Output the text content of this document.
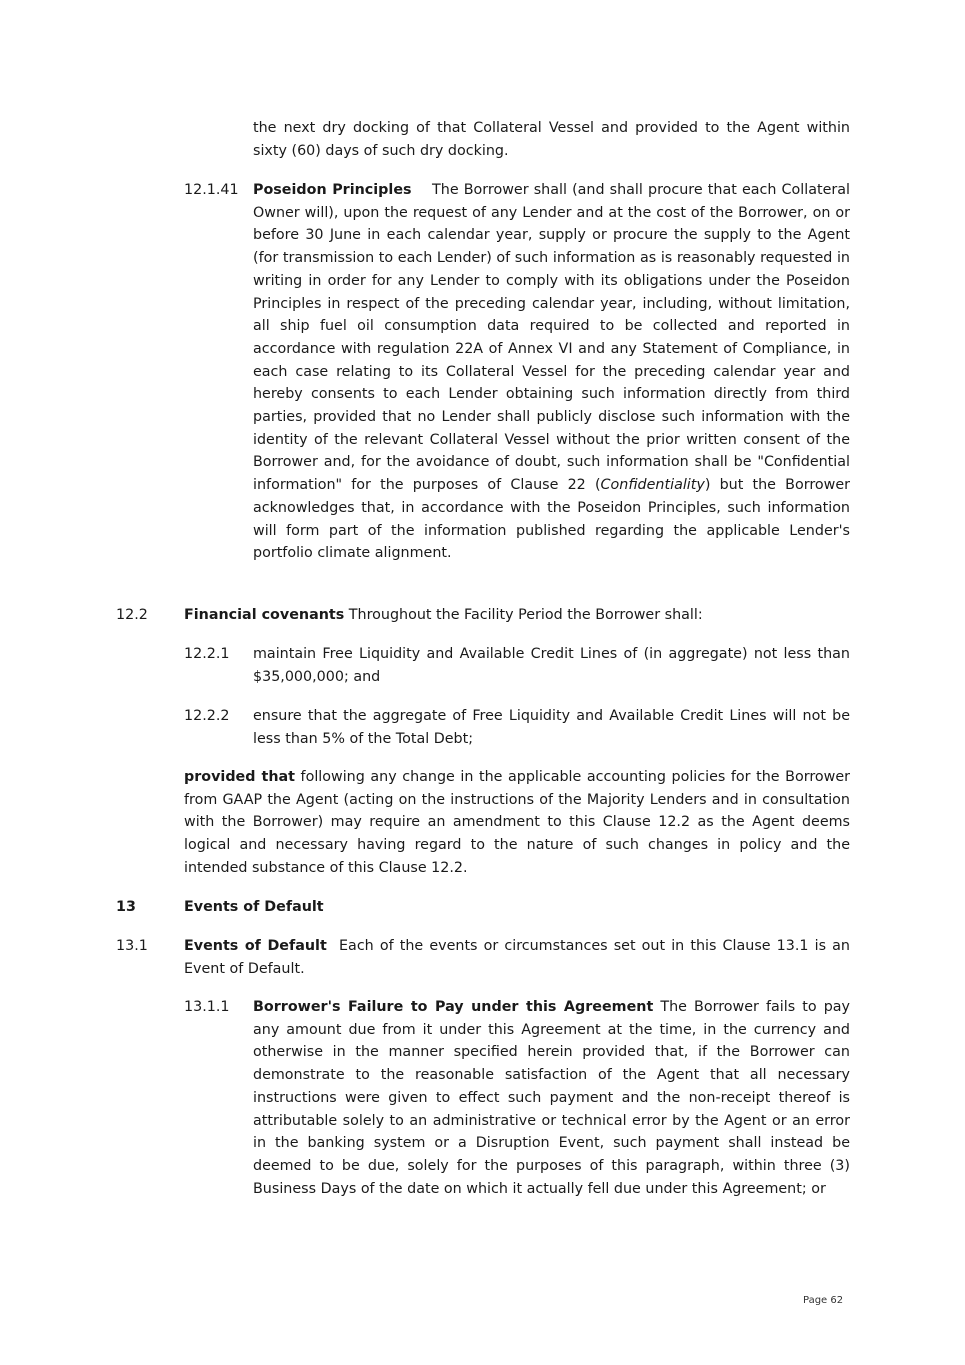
the next dry docking of that Collateral Vessel and provided to the Agent within sixty (60) days of such dry docking.
12.1.41 Poseidon Principles The Borrower shall (and shall procure that each Collateral Owner will), upon the request of any Lender and at the cost of the Borrower, on or before 30 June in each calendar year, supply or procure the supply to the Agent (for transmission to each Lender) of such information as is reasonably requested in writing in order for any Lender to comply with its obligations under the Poseidon Principles in respect of the preceding calendar year, including, without limitation, all ship fuel oil consumption data required to be collected and reported in accordance with regulation 22A of Annex VI and any Statement of Compliance, in each case relating to its Collateral Vessel for the preceding calendar year and hereby consents to each Lender obtaining such information directly from third parties, provided that no Lender shall publicly disclose such information with the identity of the relevant Collateral Vessel without the prior written consent of the Borrower and, for the avoidance of doubt, such information shall be "Confidential information" for the purposes of Clause 22 (Confidentiality) but the Borrower acknowledges that, in accordance with the Poseidon Principles, such information will form part of the information published regarding the applicable Lender's portfolio climate alignment.
12.2	Financial covenants Throughout the Facility Period the Borrower shall:
12.2.1 maintain Free Liquidity and Available Credit Lines of (in aggregate) not less than $35,000,000; and
12.2.2 ensure that the aggregate of Free Liquidity and Available Credit Lines will not be less than 5% of the Total Debt;
provided that following any change in the applicable accounting policies for the Borrower from GAAP the Agent (acting on the instructions of the Majority Lenders and in consultation with the Borrower) may require an amendment to this Clause 12.2 as the Agent deems logical and necessary having regard to the nature of such changes in policy and the intended substance of this Clause 12.2.
13	Events of Default
13.1	Events of Default  Each of the events or circumstances set out in this Clause 13.1 is an Event of Default.
13.1.1 Borrower's Failure to Pay under this Agreement The Borrower fails to pay any amount due from it under this Agreement at the time, in the currency and otherwise in the manner specified herein provided that, if the Borrower can demonstrate to the reasonable satisfaction of the Agent that all necessary instructions were given to effect such payment and the non-receipt thereof is attributable solely to an administrative or technical error by the Agent or an error in the banking system or a Disruption Event, such payment shall instead be deemed to be due, solely for the purposes of this paragraph, within three (3) Business Days of the date on which it actually fell due under this Agreement; or
Page 62
